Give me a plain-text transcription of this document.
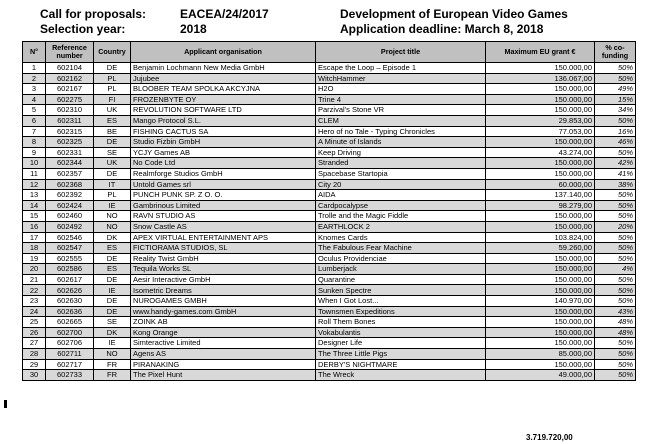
Call for proposals:	EACEA/24/2017
Selection year:	2018
Development of European Video Games
Application deadline: March 8, 2018
N°	Reference number	Country	Applicant organisation	Project title	Maximum EU grant €	% co-funding
1	602104	DE	Benjamin Lochmann New Media GmbH	Escape the Loop – Episode 1	150.000,00	50%
2	602162	PL	Jujubee	WitchHammer	136.067,00	50%
3	602167	PL	BLOOBER TEAM SPOLKA AKCYJNA	H2O	150.000,00	49%
4	602275	FI	FROZENBYTE OY	Trine 4	150.000,00	15%
5	602310	UK	REVOLUTION SOFTWARE LTD	Parzival's Stone VR	150.000,00	34%
6	602311	ES	Mango Protocol S.L.	CLEM	29.853,00	50%
7	602315	BE	FISHING CACTUS SA	Hero of no Tale - Typing Chronicles	77.053,00	16%
8	602325	DE	Studio Fizbin GmbH	A Minute of Islands	150.000,00	46%
9	602331	SE	YCJY Games AB	Keep Driving	43.274,00	50%
10	602344	UK	No Code Ltd	Stranded	150.000,00	42%
11	602357	DE	Realmforge Studios GmbH	Spacebase Startopia	150.000,00	41%
12	602368	IT	Untold Games srl	City 20	60.000,00	38%
13	602392	PL	PUNCH PUNK SP. Z O. O.	AIDA	137.140,00	50%
14	602424	IE	Gambrinous Limited	Cardpocalypse	98.279,00	50%
15	602460	NO	RAVN STUDIO AS	Trolle and the Magic Fiddle	150.000,00	50%
16	602492	NO	Snow Castle AS	EARTHLOCK 2	150.000,00	20%
17	602546	DK	APEX VIRTUAL ENTERTAINMENT APS	Knomes Cards	103.824,00	50%
18	602547	ES	FICTIORAMA STUDIOS, SL	The Fabulous Fear Machine	59.260,00	50%
19	602555	DE	Reality Twist GmbH	Oculus Providenciae	150.000,00	50%
20	602586	ES	Tequila Works SL	Lumberjack	150.000,00	4%
21	602617	DE	Aesir Interactive GmbH	Quarantine	150.000,00	50%
22	602626	IE	Isometric Dreams	Sunken Spectre	150.000,00	50%
23	602630	DE	NUROGAMES GMBH	When I Got Lost...	140.970,00	50%
24	602636	DE	www.handy-games.com GmbH	Townsmen Expeditions	150.000,00	43%
25	602665	SE	ZOINK AB	Roll Them Bones	150.000,00	48%
26	602700	DK	Kong Orange	Vokabulantis	150.000,00	48%
27	602706	IE	Simteractive Limited	Designer Life	150.000,00	50%
28	602711	NO	Agens AS	The Three Little Pigs	85.000,00	50%
29	602717	FR	PIRANAKING	DERBY'S NIGHTMARE	150.000,00	50%
30	602733	FR	The Pixel Hunt	The Wreck	49.000,00	50%
3.719.720,00
